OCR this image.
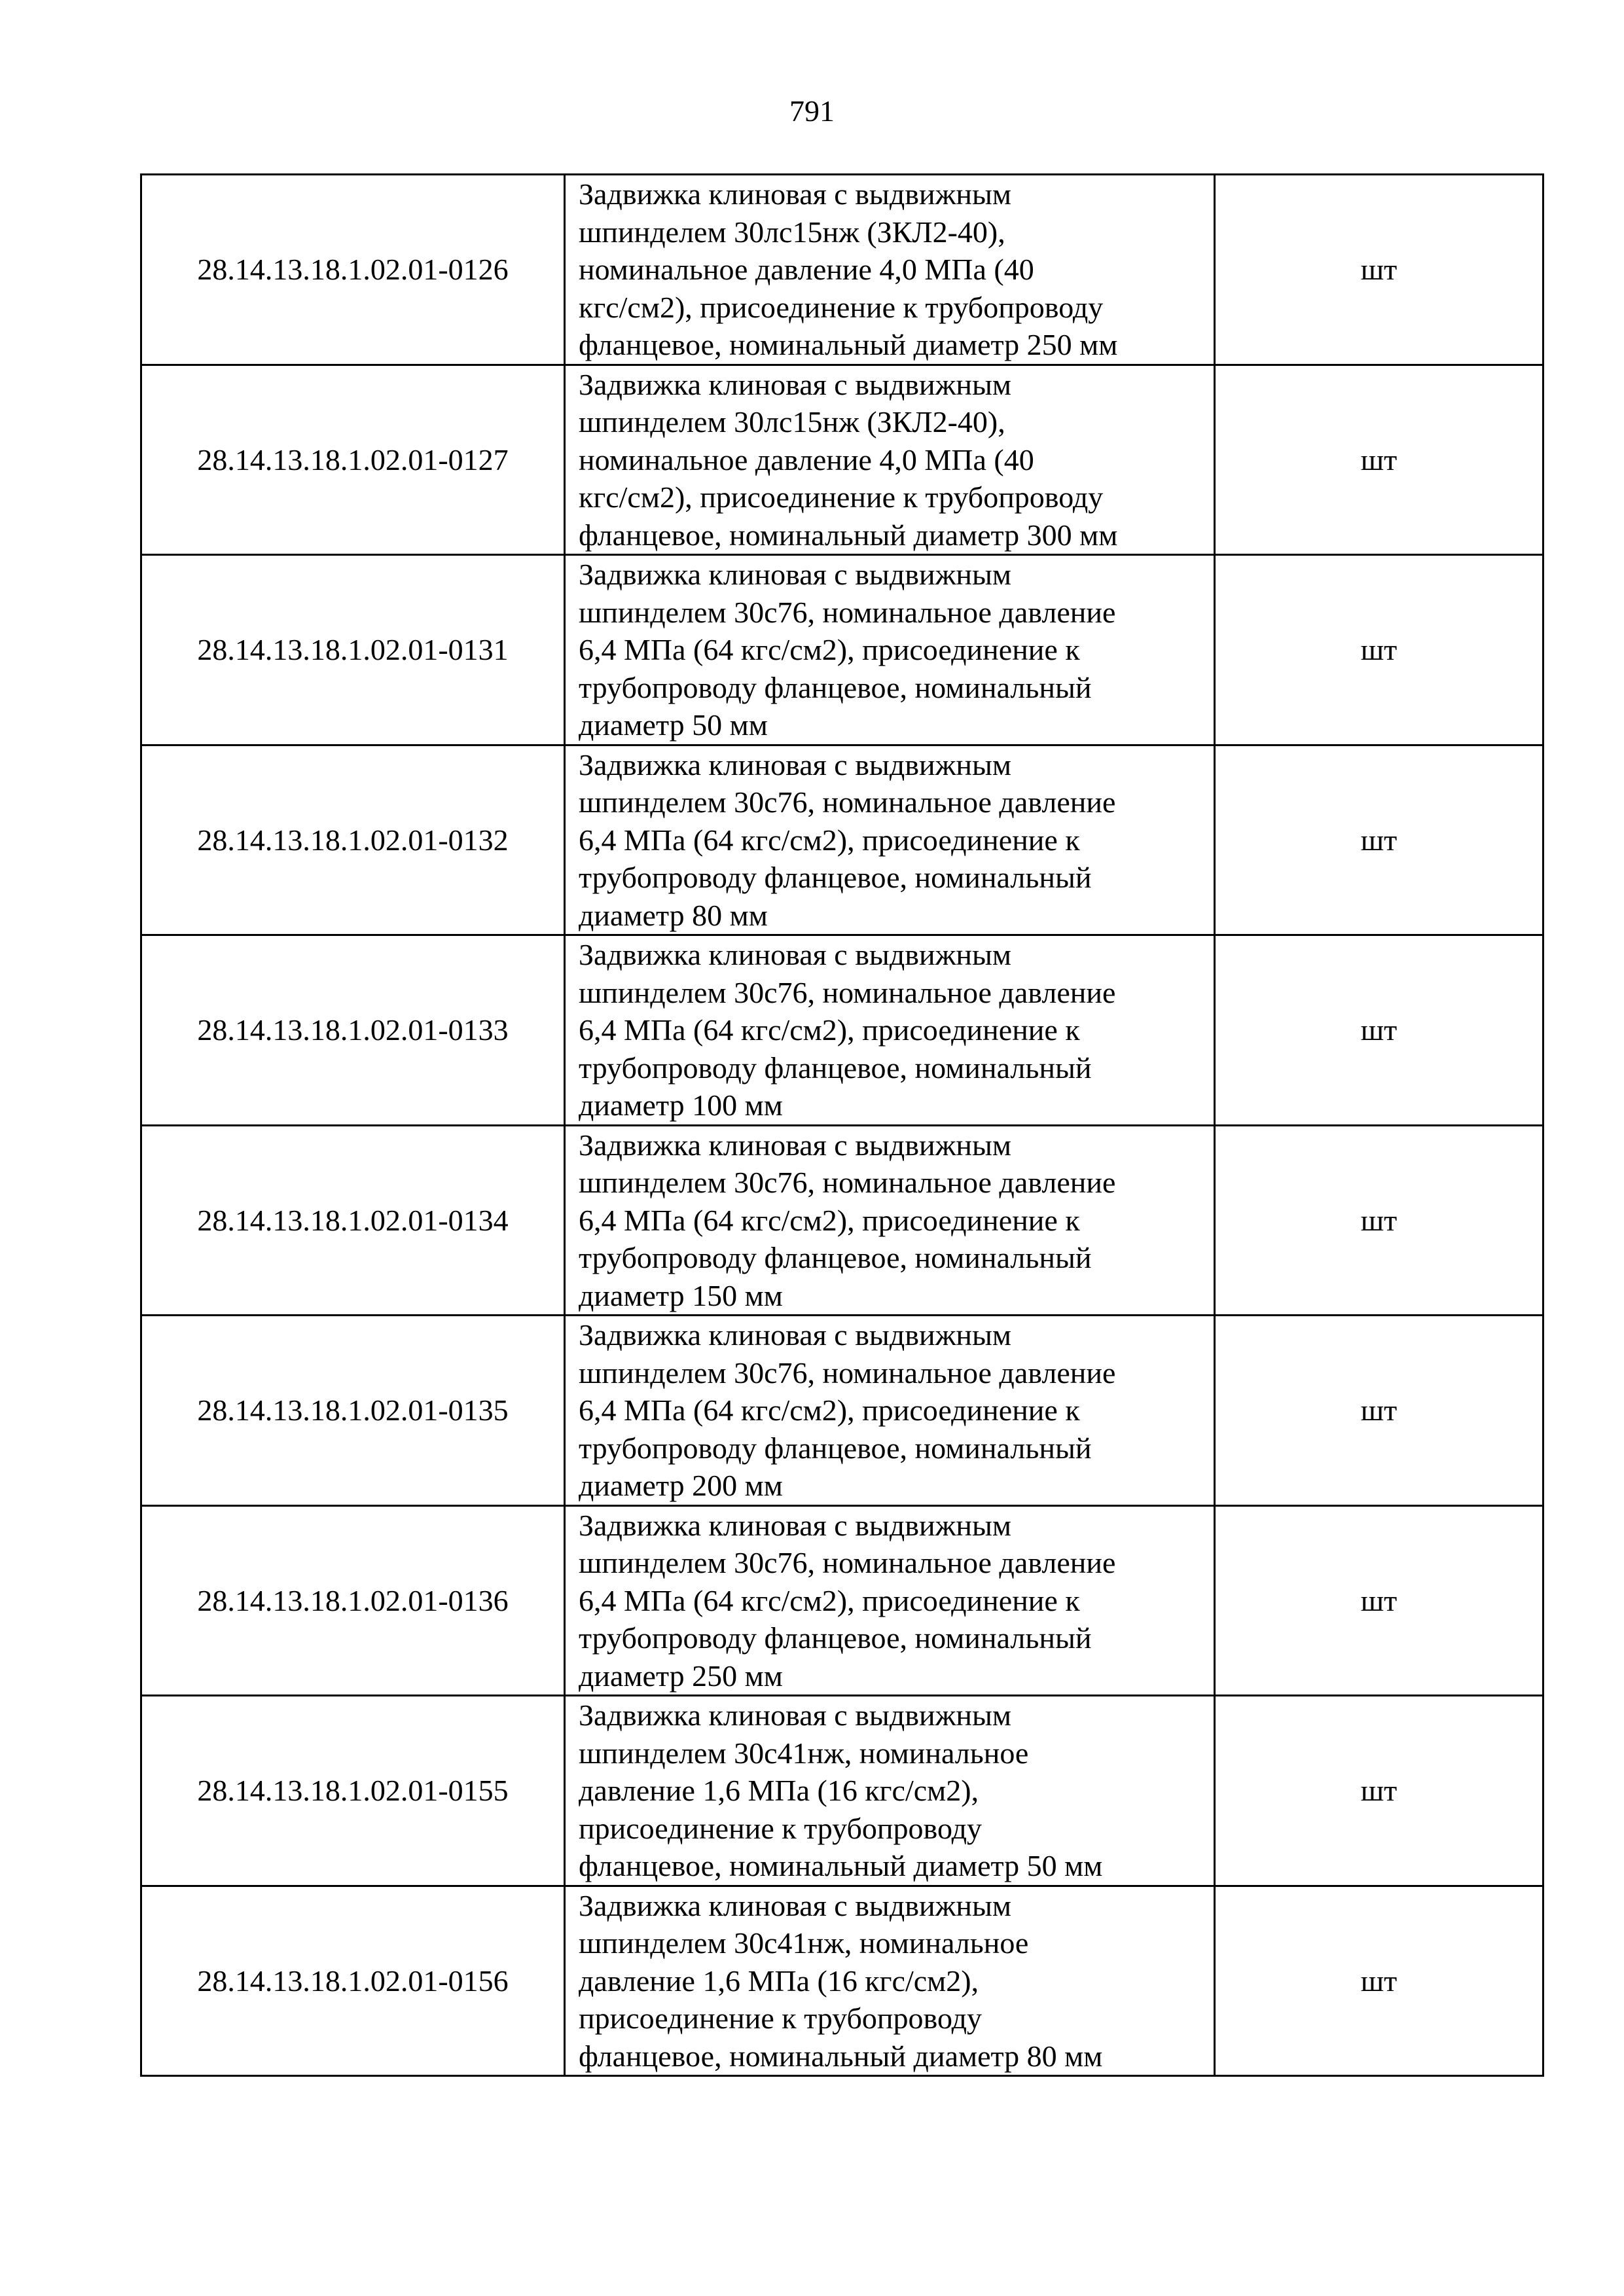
791
28.14.13.18.1.02.01-0126	Задвижка клиновая с выдвижным
шпинделем 30лс15нж (ЗКЛ2-40),
номинальное давление 4,0 МПа (40
кгс/см2), присоединение к трубопроводу
фланцевое, номинальный диаметр 250 мм	шт
28.14.13.18.1.02.01-0127	Задвижка клиновая с выдвижным
шпинделем 30лс15нж (ЗКЛ2-40),
номинальное давление 4,0 МПа (40
кгс/см2), присоединение к трубопроводу
фланцевое, номинальный диаметр 300 мм	шт
28.14.13.18.1.02.01-0131	Задвижка клиновая с выдвижным
шпинделем 30с76, номинальное давление
6,4 МПа (64 кгс/см2), присоединение к
трубопроводу фланцевое, номинальный
диаметр 50 мм	шт
28.14.13.18.1.02.01-0132	Задвижка клиновая с выдвижным
шпинделем 30с76, номинальное давление
6,4 МПа (64 кгс/см2), присоединение к
трубопроводу фланцевое, номинальный
диаметр 80 мм	шт
28.14.13.18.1.02.01-0133	Задвижка клиновая с выдвижным
шпинделем 30с76, номинальное давление
6,4 МПа (64 кгс/см2), присоединение к
трубопроводу фланцевое, номинальный
диаметр 100 мм	шт
28.14.13.18.1.02.01-0134	Задвижка клиновая с выдвижным
шпинделем 30с76, номинальное давление
6,4 МПа (64 кгс/см2), присоединение к
трубопроводу фланцевое, номинальный
диаметр 150 мм	шт
28.14.13.18.1.02.01-0135	Задвижка клиновая с выдвижным
шпинделем 30с76, номинальное давление
6,4 МПа (64 кгс/см2), присоединение к
трубопроводу фланцевое, номинальный
диаметр 200 мм	шт
28.14.13.18.1.02.01-0136	Задвижка клиновая с выдвижным
шпинделем 30с76, номинальное давление
6,4 МПа (64 кгс/см2), присоединение к
трубопроводу фланцевое, номинальный
диаметр 250 мм	шт
28.14.13.18.1.02.01-0155	Задвижка клиновая с выдвижным
шпинделем 30с41нж, номинальное
давление 1,6 МПа (16 кгс/см2),
присоединение к трубопроводу
фланцевое, номинальный диаметр 50 мм	шт
28.14.13.18.1.02.01-0156	Задвижка клиновая с выдвижным
шпинделем 30с41нж, номинальное
давление 1,6 МПа (16 кгс/см2),
присоединение к трубопроводу
фланцевое, номинальный диаметр 80 мм	шт
